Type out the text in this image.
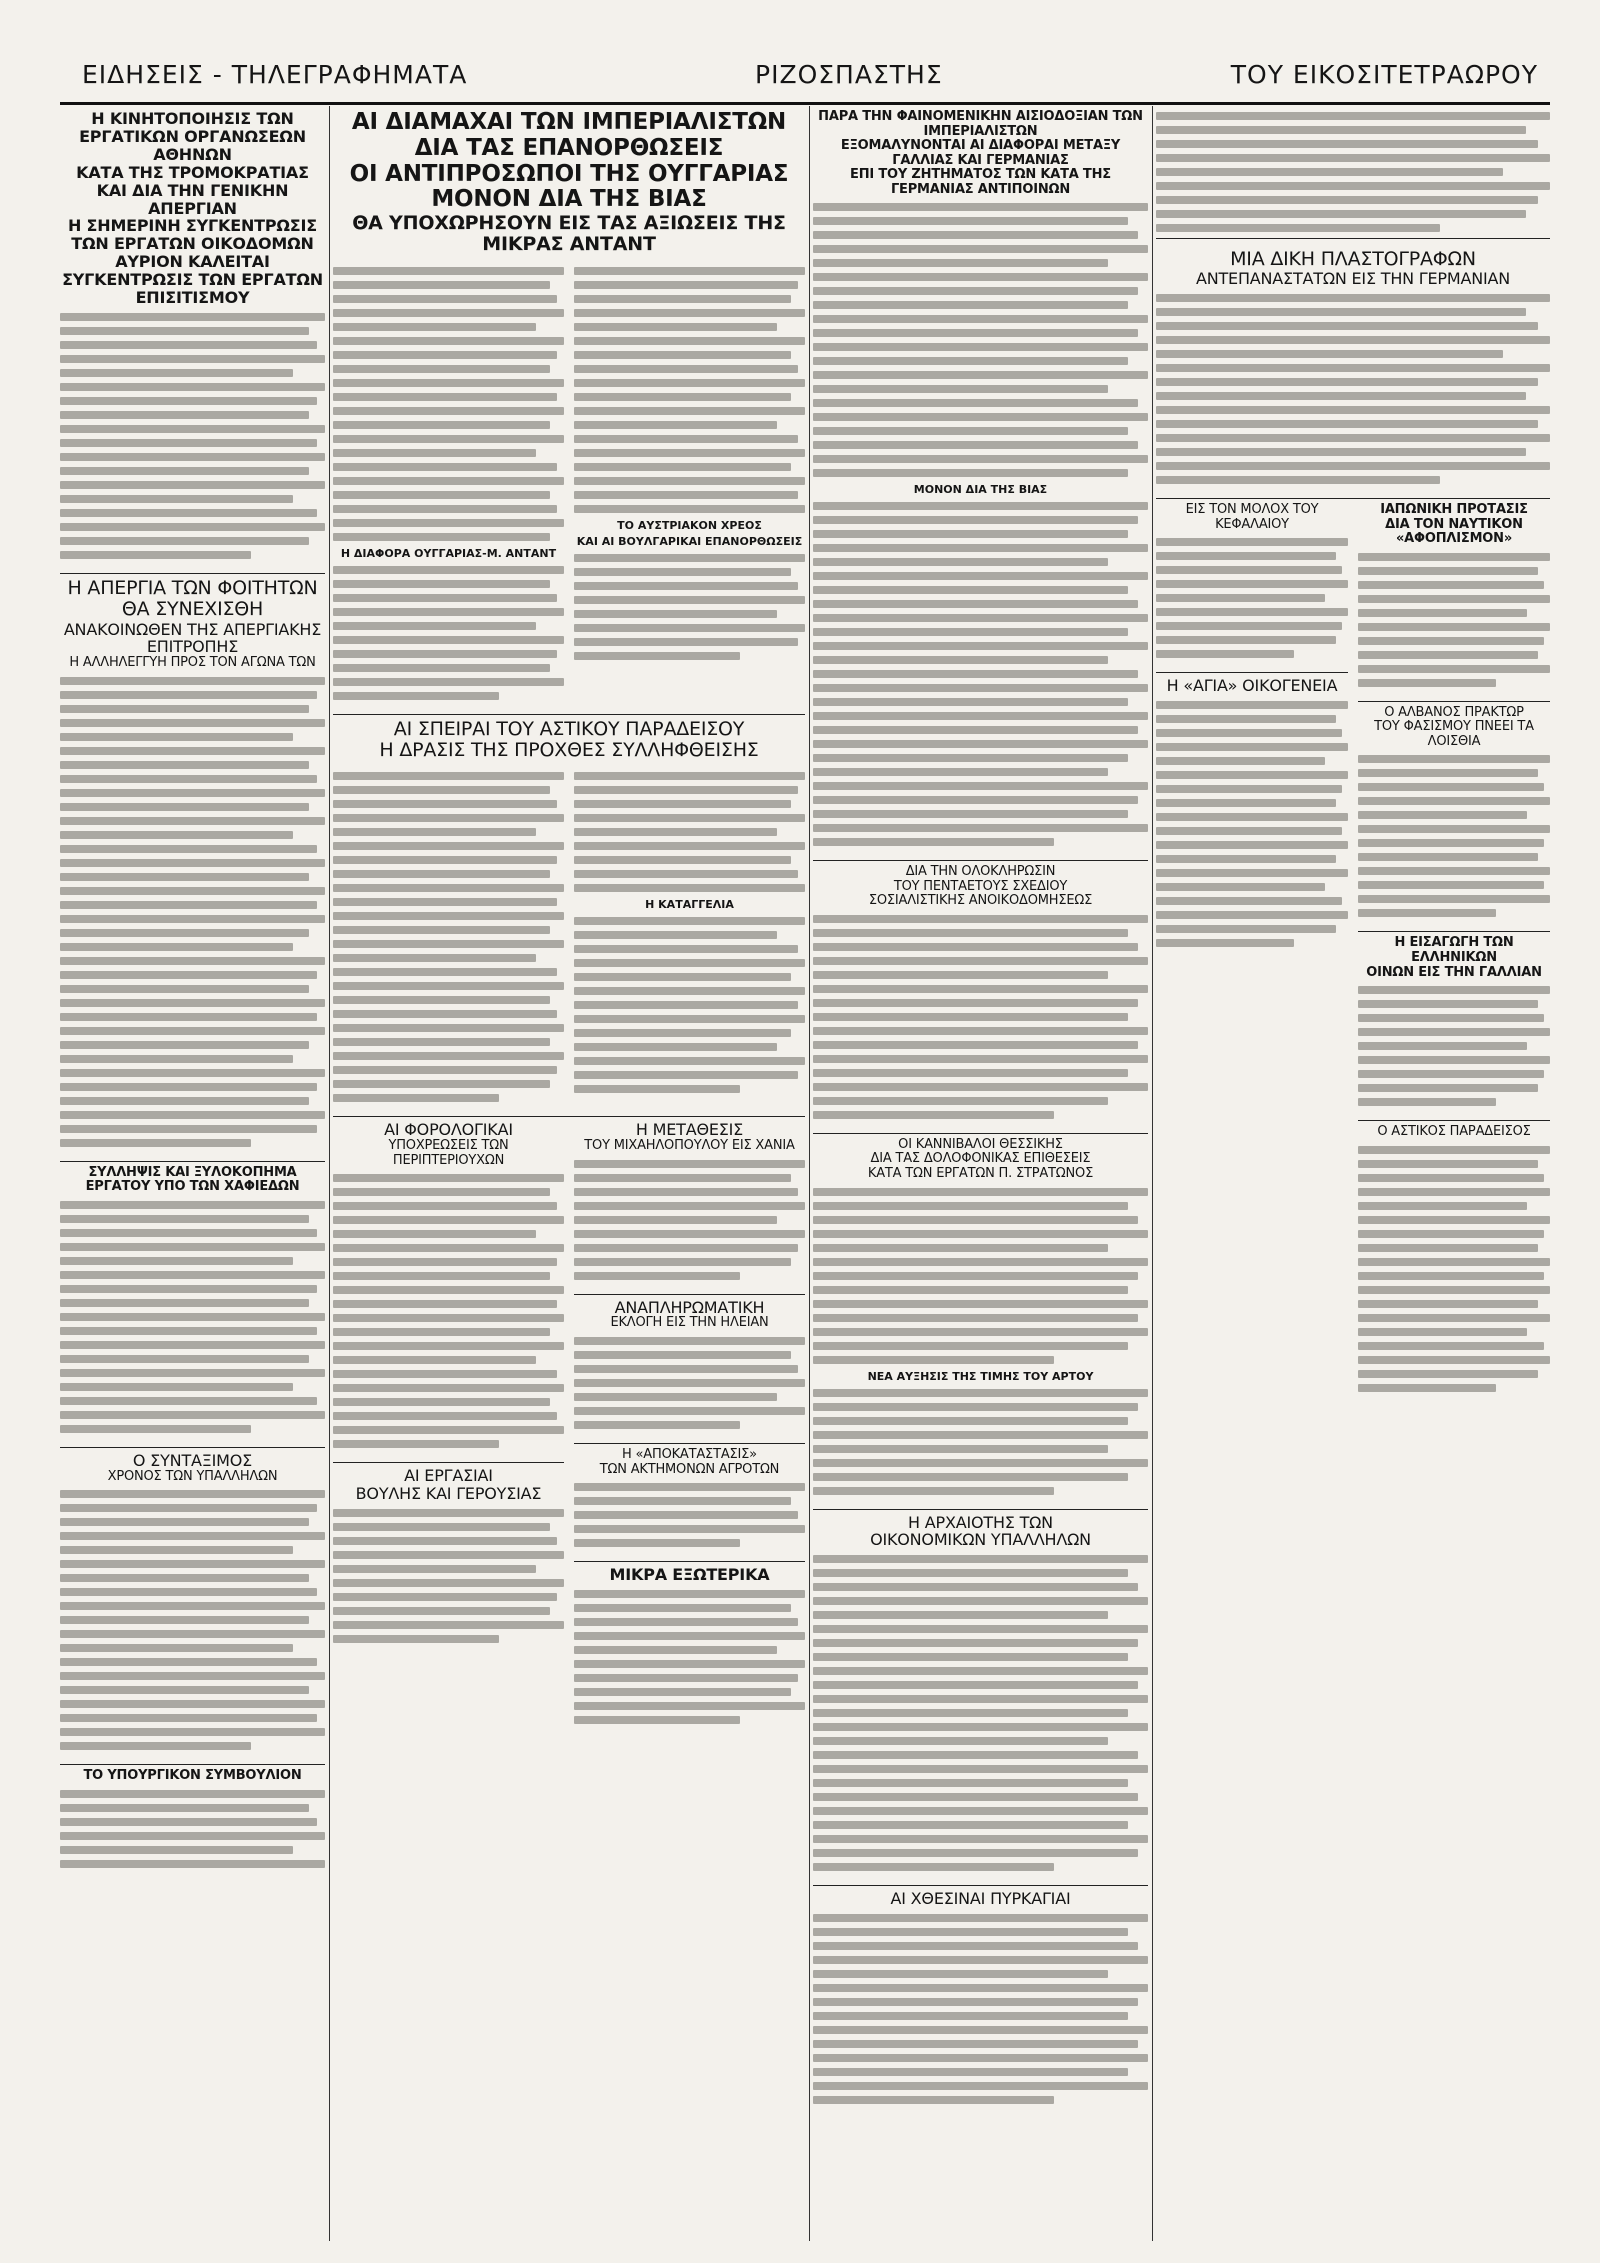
ΕΙΔΗΣΕΙΣ - ΤΗΛΕΓΡΑΦΗΜΑΤΑ	ΡΙΖΟΣΠΑΣΤΗΣ	ΤΟΥ ΕΙΚΟΣΙΤΕΤΡΑΩΡΟΥ
Η ΚΙΝΗΤΟΠΟΙΗΣΙΣ ΤΩΝ ΕΡΓΑΤΙΚΩΝ ΟΡΓΑΝΩΣΕΩΝ ΑΘΗΝΩΝ
ΚΑΤΑ ΤΗΣ ΤΡΟΜΟΚΡΑΤΙΑΣ ΚΑΙ ΔΙΑ ΤΗΝ ΓΕΝΙΚΗΝ ΑΠΕΡΓΙΑΝ
Η ΣΗΜΕΡΙΝΗ ΣΥΓΚΕΝΤΡΩΣΙΣ ΤΩΝ ΕΡΓΑΤΩΝ ΟΙΚΟΔΟΜΩΝ
ΑΥΡΙΟΝ ΚΑΛΕΙΤΑΙ ΣΥΓΚΕΝΤΡΩΣΙΣ ΤΩΝ ΕΡΓΑΤΩΝ ΕΠΙΣΙΤΙΣΜΟΥ
Η ΑΠΕΡΓΙΑ ΤΩΝ ΦΟΙΤΗΤΩΝ ΘΑ ΣΥΝΕΧΙΣΘΗ
ΑΝΑΚΟΙΝΩΘΕΝ ΤΗΣ ΑΠΕΡΓΙΑΚΗΣ ΕΠΙΤΡΟΠΗΣ
Η ΑΛΛΗΛΕΓΓΥΗ ΠΡΟΣ ΤΟΝ ΑΓΩΝΑ ΤΩΝ
ΣΥΛΛΗΨΙΣ ΚΑΙ ΞΥΛΟΚΟΠΗΜΑ
ΕΡΓΑΤΟΥ ΥΠΟ ΤΩΝ ΧΑΦΙΕΔΩΝ
Ο ΣΥΝΤΑΞΙΜΟΣ
ΧΡΟΝΟΣ ΤΩΝ ΥΠΑΛΛΗΛΩΝ
ΤΟ ΥΠΟΥΡΓΙΚΟΝ ΣΥΜΒΟΥΛΙΟΝ
ΑΙ ΔΙΑΜΑΧΑΙ ΤΩΝ ΙΜΠΕΡΙΑΛΙΣΤΩΝ ΔΙΑ ΤΑΣ ΕΠΑΝΟΡΘΩΣΕΙΣ
ΟΙ ΑΝΤΙΠΡΟΣΩΠΟΙ ΤΗΣ ΟΥΓΓΑΡΙΑΣ ΜΟΝΟΝ ΔΙΑ ΤΗΣ ΒΙΑΣ
ΘΑ ΥΠΟΧΩΡΗΣΟΥΝ ΕΙΣ ΤΑΣ ΑΞΙΩΣΕΙΣ ΤΗΣ ΜΙΚΡΑΣ ΑΝΤΑΝΤ
Η ΔΙΑΦΟΡΑ ΟΥΓΓΑΡΙΑΣ-Μ. ΑΝΤΑΝΤ
ΤΟ ΑΥΣΤΡΙΑΚΟΝ ΧΡΕΟΣ
ΚΑΙ ΑΙ ΒΟΥΛΓΑΡΙΚΑΙ ΕΠΑΝΟΡΘΩΣΕΙΣ
ΑΙ ΣΠΕΙΡΑΙ ΤΟΥ ΑΣΤΙΚΟΥ ΠΑΡΑΔΕΙΣΟΥ
Η ΔΡΑΣΙΣ ΤΗΣ ΠΡΟΧΘΕΣ ΣΥΛΛΗΦΘΕΙΣΗΣ
Η ΚΑΤΑΓΓΕΛΙΑ
ΑΙ ΦΟΡΟΛΟΓΙΚΑΙ
ΥΠΟΧΡΕΩΣΕΙΣ ΤΩΝ ΠΕΡΙΠΤΕΡΙΟΥΧΩΝ
ΑΙ ΕΡΓΑΣΙΑΙ
ΒΟΥΛΗΣ ΚΑΙ ΓΕΡΟΥΣΙΑΣ
Η ΜΕΤΑΘΕΣΙΣ
ΤΟΥ ΜΙΧΑΗΛΟΠΟΥΛΟΥ ΕΙΣ ΧΑΝΙΑ
ΑΝΑΠΛΗΡΩΜΑΤΙΚΗ
ΕΚΛΟΓΗ ΕΙΣ ΤΗΝ ΗΛΕΙΑΝ
Η «ΑΠΟΚΑΤΑΣΤΑΣΙΣ»
ΤΩΝ ΑΚΤΗΜΟΝΩΝ ΑΓΡΟΤΩΝ
ΜΙΚΡΑ ΕΞΩΤΕΡΙΚΑ
ΠΑΡΑ ΤΗΝ ΦΑΙΝΟΜΕΝΙΚΗΝ ΑΙΣΙΟΔΟΞΙΑΝ ΤΩΝ ΙΜΠΕΡΙΑΛΙΣΤΩΝ
ΕΞΟΜΑΛΥΝΟΝΤΑΙ ΑΙ ΔΙΑΦΟΡΑΙ ΜΕΤΑΞΥ ΓΑΛΛΙΑΣ ΚΑΙ ΓΕΡΜΑΝΙΑΣ
ΕΠΙ ΤΟΥ ΖΗΤΗΜΑΤΟΣ ΤΩΝ ΚΑΤΑ ΤΗΣ ΓΕΡΜΑΝΙΑΣ ΑΝΤΙΠΟΙΝΩΝ
ΜΟΝΟΝ ΔΙΑ ΤΗΣ ΒΙΑΣ
ΔΙΑ ΤΗΝ ΟΛΟΚΛΗΡΩΣΙΝ
ΤΟΥ ΠΕΝΤΑΕΤΟΥΣ ΣΧΕΔΙΟΥ
ΣΟΣΙΑΛΙΣΤΙΚΗΣ ΑΝΟΙΚΟΔΟΜΗΣΕΩΣ
ΟΙ ΚΑΝΝΙΒΑΛΟΙ ΘΕΣΣΙΚΗΣ
ΔΙΑ ΤΑΣ ΔΟΛΟΦΟΝΙΚΑΣ ΕΠΙΘΕΣΕΙΣ
ΚΑΤΑ ΤΩΝ ΕΡΓΑΤΩΝ Π. ΣΤΡΑΤΩΝΟΣ
ΝΕΑ ΑΥΞΗΣΙΣ ΤΗΣ ΤΙΜΗΣ ΤΟΥ ΑΡΤΟΥ
Η ΑΡΧΑΙΟΤΗΣ ΤΩΝ
ΟΙΚΟΝΟΜΙΚΩΝ ΥΠΑΛΛΗΛΩΝ
ΑΙ ΧΘΕΣΙΝΑΙ ΠΥΡΚΑΓΙΑΙ
ΜΙΑ ΔΙΚΗ ΠΛΑΣΤΟΓΡΑΦΩΝ
ΑΝΤΕΠΑΝΑΣΤΑΤΩΝ ΕΙΣ ΤΗΝ ΓΕΡΜΑΝΙΑΝ
ΕΙΣ ΤΟΝ ΜΟΛΟΧ ΤΟΥ ΚΕΦΑΛΑΙΟΥ
Η «ΑΓΙΑ» ΟΙΚΟΓΕΝΕΙΑ
ΙΑΠΩΝΙΚΗ ΠΡΟΤΑΣΙΣ
ΔΙΑ ΤΟΝ ΝΑΥΤΙΚΟΝ «ΑΦΟΠΛΙΣΜΟΝ»
Ο ΑΛΒΑΝΟΣ ΠΡΑΚΤΩΡ
ΤΟΥ ΦΑΣΙΣΜΟΥ ΠΝΕΕΙ ΤΑ ΛΟΙΣΘΙΑ
Η ΕΙΣΑΓΩΓΗ ΤΩΝ ΕΛΛΗΝΙΚΩΝ
ΟΙΝΩΝ ΕΙΣ ΤΗΝ ΓΑΛΛΙΑΝ
Ο ΑΣΤΙΚΟΣ ΠΑΡΑΔΕΙΣΟΣ
